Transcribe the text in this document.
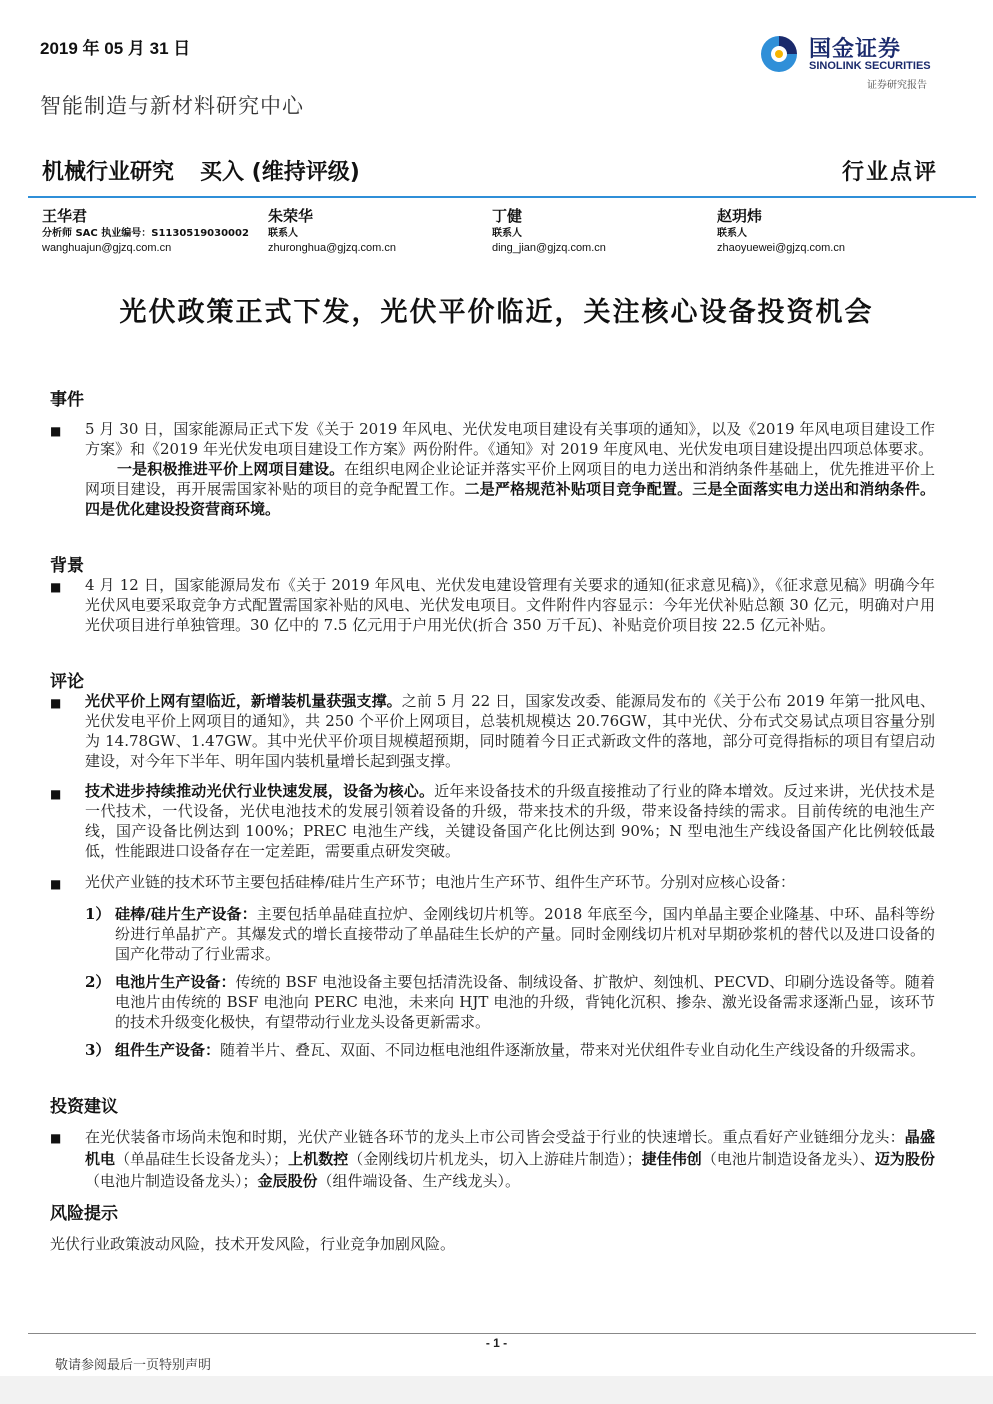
2019 年 05 月 31 日	国金证券
SINOLINK SECURITIES
证券研究报告
智能制造与新材料研究中心
机械行业研究 买入 (维持评级)	行业点评
王华君
分析师 SAC 执业编号：S1130519030002
wanghuajun@gjzq.com.cn
朱荣华
联系人
zhuronghua@gjzq.com.cn
丁健
联系人
ding_jian@gjzq.com.cn
赵玥炜
联系人
zhaoyuewei@gjzq.com.cn
光伏政策正式下发，光伏平价临近，关注核心设备投资机会
事件
■ 5 月 30 日，国家能源局正式下发《关于 2019 年风电、光伏发电项目建设有关事项的通知》，以及《2019 年风电项目建设工作方案》和《2019 年光伏发电项目建设工作方案》两份附件。《通知》对 2019 年度风电、光伏发电项目建设提出四项总体要求。
一是积极推进平价上网项目建设。在组织电网企业论证并落实平价上网项目的电力送出和消纳条件基础上，优先推进平价上网项目建设，再开展需国家补贴的项目的竞争配置工作。二是严格规范补贴项目竞争配置。三是全面落实电力送出和消纳条件。四是优化建设投资营商环境。
背景
■ 4 月 12 日，国家能源局发布《关于 2019 年风电、光伏发电建设管理有关要求的通知(征求意见稿)》，《征求意见稿》明确今年光伏风电要采取竞争方式配置需国家补贴的风电、光伏发电项目。文件附件内容显示：今年光伏补贴总额 30 亿元，明确对户用光伏项目进行单独管理。30 亿中的 7.5 亿元用于户用光伏(折合 350 万千瓦)、补贴竞价项目按 22.5 亿元补贴。
评论
■ 光伏平价上网有望临近，新增装机量获强支撑。之前 5 月 22 日，国家发改委、能源局发布的《关于公布 2019 年第一批风电、光伏发电平价上网项目的通知》，共 250 个平价上网项目，总装机规模达 20.76GW，其中光伏、分布式交易试点项目容量分别为 14.78GW、1.47GW。其中光伏平价项目规模超预期，同时随着今日正式新政文件的落地，部分可竞得指标的项目有望启动建设，对今年下半年、明年国内装机量增长起到强支撑。
■ 技术进步持续推动光伏行业快速发展，设备为核心。近年来设备技术的升级直接推动了行业的降本增效。反过来讲，光伏技术是一代技术，一代设备，光伏电池技术的发展引领着设备的升级，带来技术的升级，带来设备持续的需求。目前传统的电池生产线，国产设备比例达到 100%；PREC 电池生产线，关键设备国产化比例达到 90%；N 型电池生产线设备国产化比例较低最低，性能跟进口设备存在一定差距，需要重点研发突破。
■ 光伏产业链的技术环节主要包括硅棒/硅片生产环节；电池片生产环节、组件生产环节。分别对应核心设备：
1） 硅棒/硅片生产设备：主要包括单晶硅直拉炉、金刚线切片机等。2018 年底至今，国内单晶主要企业隆基、中环、晶科等纷纷进行单晶扩产。其爆发式的增长直接带动了单晶硅生长炉的产量。同时金刚线切片机对早期砂浆机的替代以及进口设备的国产化带动了行业需求。
2） 电池片生产设备：传统的 BSF 电池设备主要包括清洗设备、制绒设备、扩散炉、刻蚀机、PECVD、印刷分选设备等。随着电池片由传统的 BSF 电池向 PERC 电池，未来向 HJT 电池的升级，背钝化沉积、掺杂、激光设备需求逐渐凸显，该环节的技术升级变化极快，有望带动行业龙头设备更新需求。
3） 组件生产设备：随着半片、叠瓦、双面、不同边框电池组件逐渐放量，带来对光伏组件专业自动化生产线设备的升级需求。
投资建议
■ 在光伏装备市场尚未饱和时期，光伏产业链各环节的龙头上市公司皆会受益于行业的快速增长。重点看好产业链细分龙头：晶盛机电（单晶硅生长设备龙头）；上机数控（金刚线切片机龙头，切入上游硅片制造）；捷佳伟创（电池片制造设备龙头）、迈为股份（电池片制造设备龙头）；金辰股份（组件端设备、生产线龙头）。
风险提示
光伏行业政策波动风险，技术开发风险，行业竞争加剧风险。
- 1 -
敬请参阅最后一页特别声明
